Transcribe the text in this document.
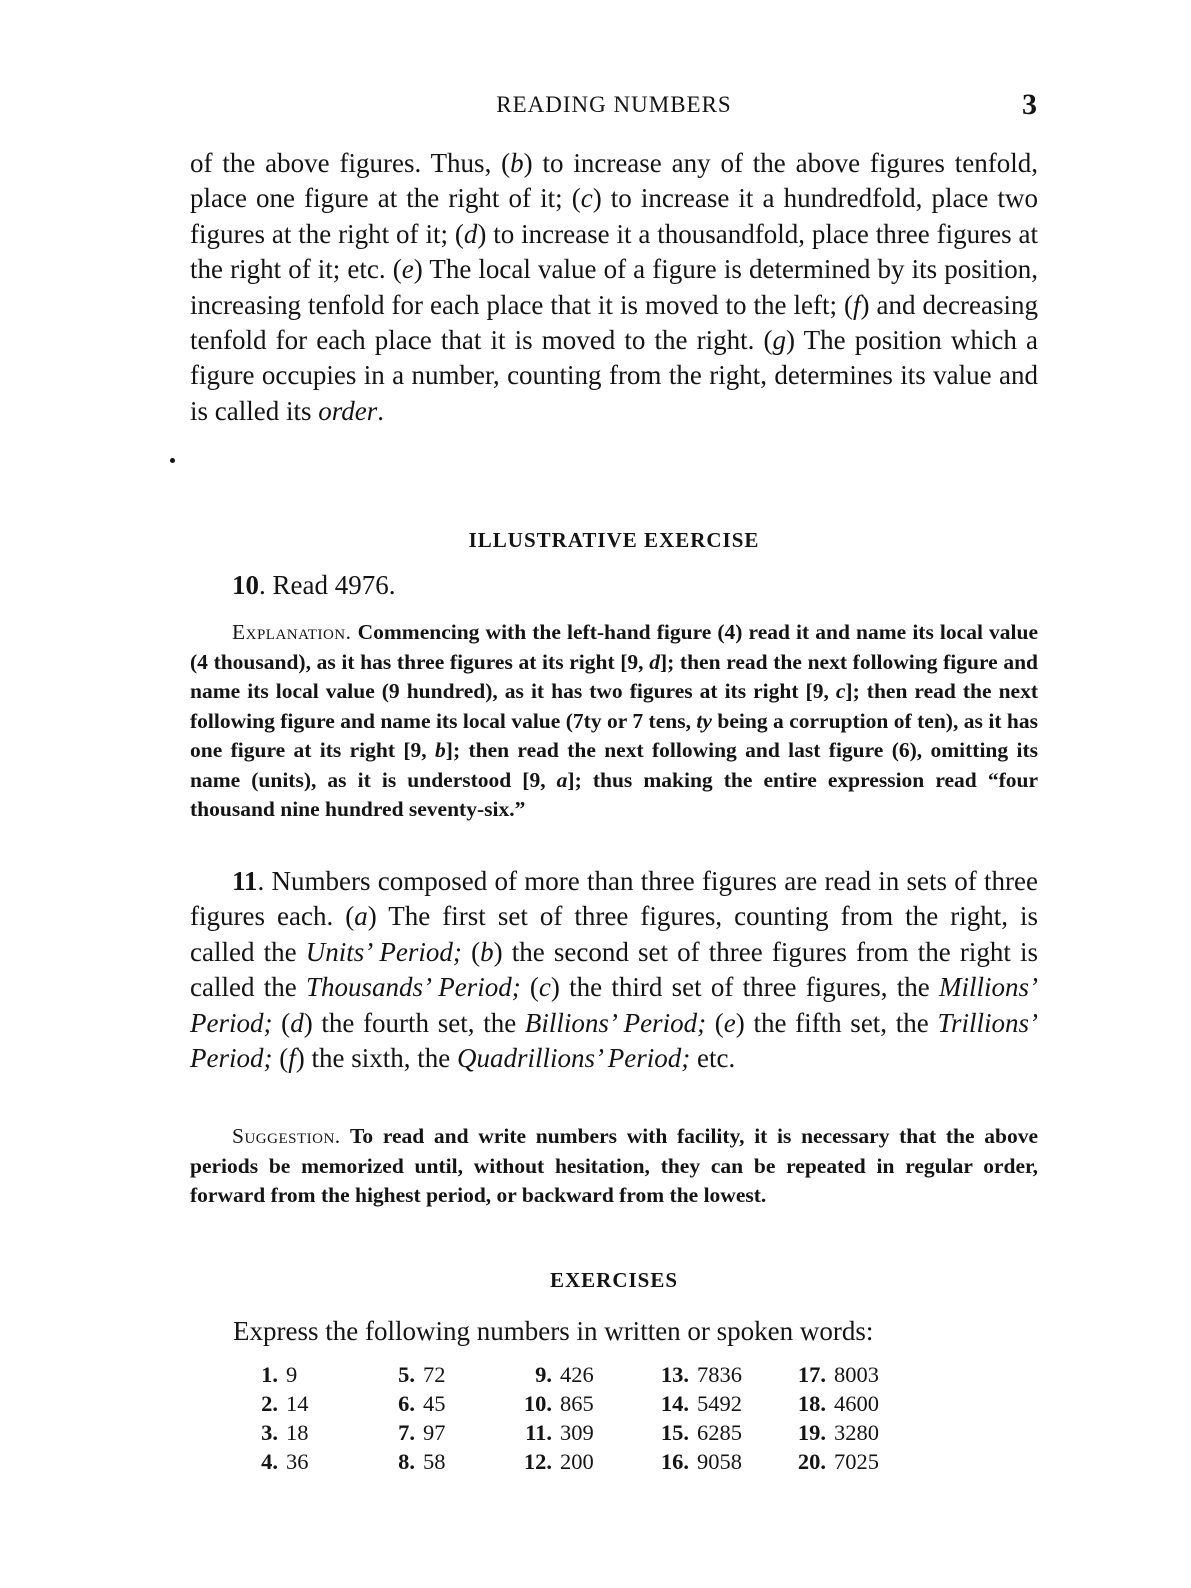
READING NUMBERS	3

of the above figures. Thus, (b) to increase any of the above figures tenfold, place one figure at the right of it; (c) to increase it a hundredfold, place two figures at the right of it; (d) to increase it a thousandfold, place three figures at the right of it; etc. (e) The local value of a figure is determined by its position, increasing tenfold for each place that it is moved to the left; (f) and decreasing tenfold for each place that it is moved to the right. (g) The position which a figure occupies in a number, counting from the right, determines its value and is called its order.

ILLUSTRATIVE EXERCISE

10. Read 4976.

Explanation. Commencing with the left-hand figure (4) read it and name its local value (4 thousand), as it has three figures at its right [9, d]; then read the next following figure and name its local value (9 hundred), as it has two figures at its right [9, c]; then read the next following figure and name its local value (7ty or 7 tens, ty being a corruption of ten), as it has one figure at its right [9, b]; then read the next following and last figure (6), omitting its name (units), as it is understood [9, a]; thus making the entire expression read “four thousand nine hundred seventy-six.”

11. Numbers composed of more than three figures are read in sets of three figures each. (a) The first set of three figures, counting from the right, is called the Units’ Period; (b) the second set of three figures from the right is called the Thousands’ Period; (c) the third set of three figures, the Millions’ Period; (d) the fourth set, the Billions’ Period; (e) the fifth set, the Trillions’ Period; (f) the sixth, the Quadrillions’ Period; etc.

Suggestion. To read and write numbers with facility, it is necessary that the above periods be memorized until, without hesitation, they can be repeated in regular order, forward from the highest period, or backward from the lowest.

EXERCISES

Express the following numbers in written or spoken words:

1.	9	5.	72	9.	426	13.	7836	17.	8003
2.	14	6.	45	10.	865	14.	5492	18.	4600
3.	18	7.	97	11.	309	15.	6285	19.	3280
4.	36	8.	58	12.	200	16.	9058	20.	7025
